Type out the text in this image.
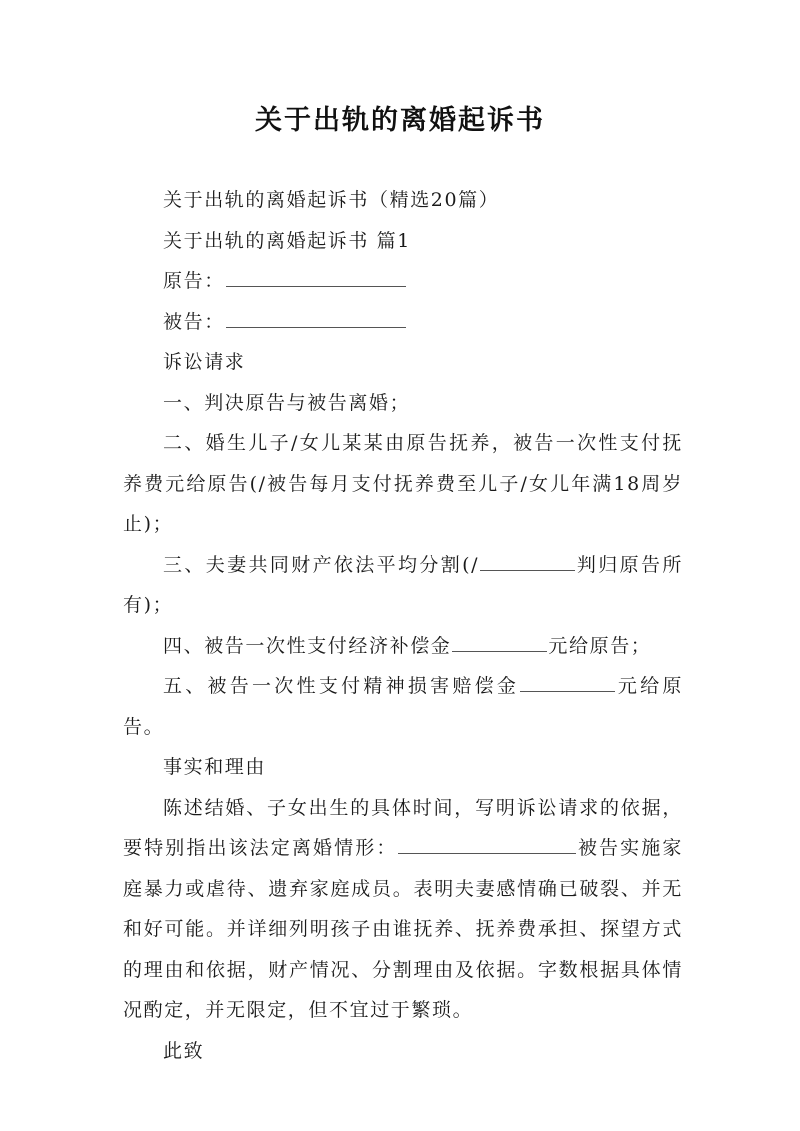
关于出轨的离婚起诉书

关于出轨的离婚起诉书（精选20篇）

关于出轨的离婚起诉书 篇1

原告：

被告：

诉讼请求

一、判决原告与被告离婚；

二、婚生儿子/女儿某某由原告抚养，被告一次性支付抚养费元给原告(/被告每月支付抚养费至儿子/女儿年满18周岁止)；

三、夫妻共同财产依法平均分割(/	判归原告所有)；

四、被告一次性支付经济补偿金	元给原告；

五、被告一次性支付精神损害赔偿金	元给原告。

事实和理由

陈述结婚、子女出生的具体时间，写明诉讼请求的依据，要特别指出该法定离婚情形：	被告实施家庭暴力或虐待、遗弃家庭成员。表明夫妻感情确已破裂、并无和好可能。并详细列明孩子由谁抚养、抚养费承担、探望方式的理由和依据，财产情况、分割理由及依据。字数根据具体情况酌定，并无限定，但不宜过于繁琐。

此致
